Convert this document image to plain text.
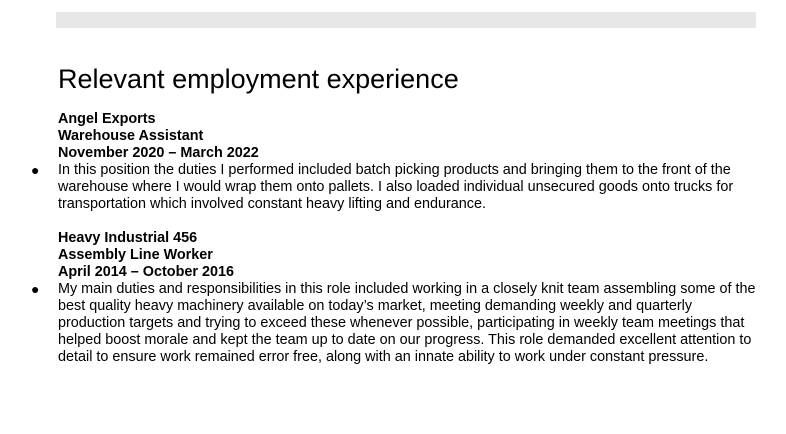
Relevant employment experience
Angel Exports
Warehouse Assistant
November 2020 – March 2022
● In this position the duties I performed included batch picking products and bringing them to the front of the warehouse where I would wrap them onto pallets. I also loaded individual unsecured goods onto trucks for transportation which involved constant heavy lifting and endurance.
Heavy Industrial 456
Assembly Line Worker
April 2014 – October 2016
● My main duties and responsibilities in this role included working in a closely knit team assembling some of the best quality heavy machinery available on today’s market, meeting demanding weekly and quarterly production targets and trying to exceed these whenever possible, participating in weekly team meetings that helped boost morale and kept the team up to date on our progress. This role demanded excellent attention to detail to ensure work remained error free, along with an innate ability to work under constant pressure.
